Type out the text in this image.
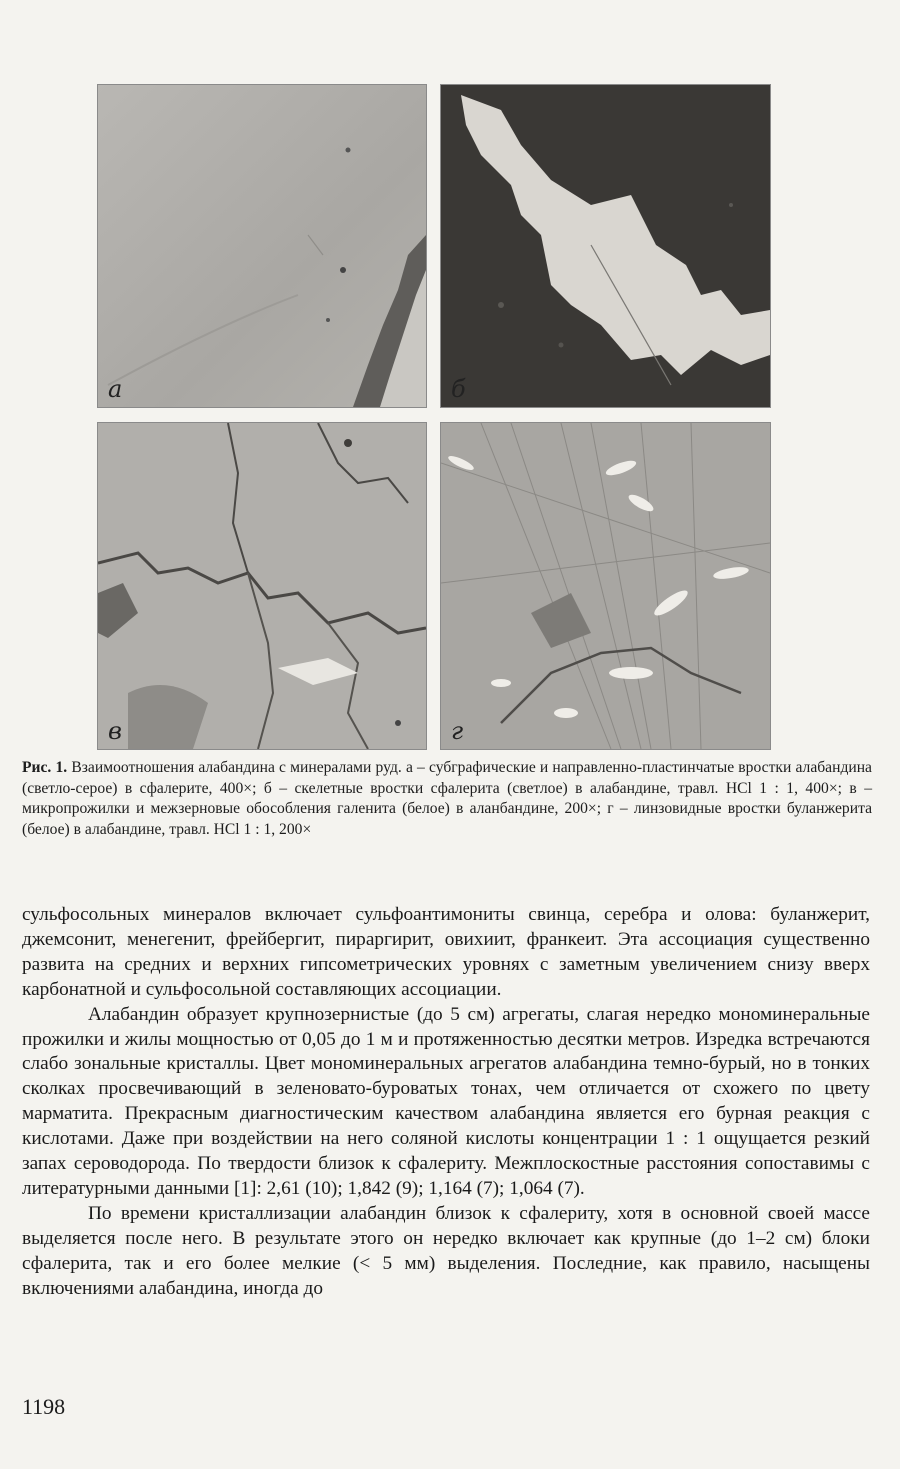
а	б
в	г
Рис. 1. Взаимоотношения алабандина с минералами руд. а – субграфические и направленно-пластинчатые вростки алабандина (светло-серое) в сфалерите, 400×; б – скелетные вростки сфалерита (светлое) в алабандине, травл. HCl 1 : 1, 400×; в – микропрожилки и межзерновые обособления галенита (белое) в аланбандине, 200×; г – линзовидные вростки буланжерита (белое) в алабандине, травл. HCl 1 : 1, 200×

сульфосольных минералов включает сульфоантимониты свинца, серебра и олова: буланжерит, джемсонит, менегенит, фрейбергит, пираргирит, овихиит, франкеит. Эта ассоциация существенно развита на средних и верхних гипсометрических уровнях с заметным увеличением снизу вверх карбонатной и сульфосольной составляющих ассоциации.

Алабандин образует крупнозернистые (до 5 см) агрегаты, слагая нередко мономинеральные прожилки и жилы мощностью от 0,05 до 1 м и протяженностью десятки метров. Изредка встречаются слабо зональные кристаллы. Цвет мономинеральных агрегатов алабандина темно-бурый, но в тонких сколках просвечивающий в зеленовато-буроватых тонах, чем отличается от схожего по цвету марматита. Прекрасным диагностическим качеством алабандина является его бурная реакция с кислотами. Даже при воздействии на него соляной кислоты концентрации 1 : 1 ощущается резкий запах сероводорода. По твердости близок к сфалериту. Межплоскостные расстояния сопоставимы с литературными данными [1]: 2,61 (10); 1,842 (9); 1,164 (7); 1,064 (7).

По времени кристаллизации алабандин близок к сфалериту, хотя в основной своей массе выделяется после него. В результате этого он нередко включает как крупные (до 1–2 см) блоки сфалерита, так и его более мелкие (< 5 мм) выделения. Последние, как правило, насыщены включениями алабандина, иногда до

1198
